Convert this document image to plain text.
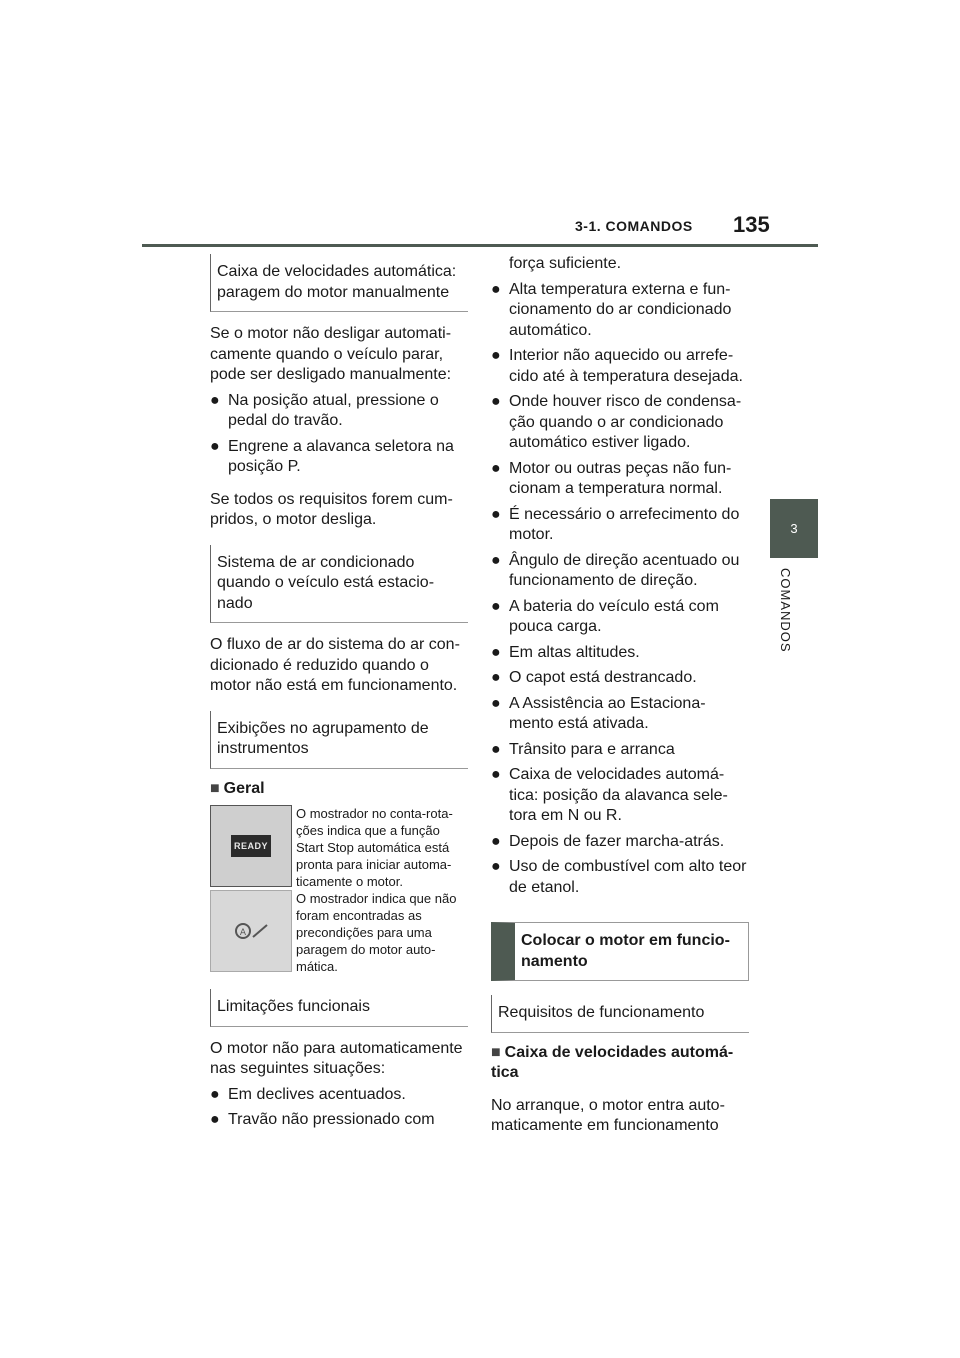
3-1. COMANDOS 135
3
COMANDOS
Caixa de velocidades automática: paragem do motor manualmente

Se o motor não desligar automati-camente quando o veículo parar, pode ser desligado manualmente:

● Na posição atual, pressione o pedal do travão.
● Engrene a alavanca seletora na posição P.

Se todos os requisitos forem cum-pridos, o motor desliga.

Sistema de ar condicionado quando o veículo está estacio-nado

O fluxo de ar do sistema do ar con-dicionado é reduzido quando o motor não está em funcionamento.

Exibições no agrupamento de instrumentos
■ Geral
READY
O mostrador no conta-rota-ções indica que a função Start Stop automática está pronta para iniciar automa-ticamente o motor.
A
O mostrador indica que não foram encontradas as precondições para uma paragem do motor auto-mática.
Limitações funcionais

O motor não para automaticamente nas seguintes situações:

● Em declives acentuados.
● Travão não pressionado com

força suficiente.

● Alta temperatura externa e fun-cionamento do ar condicionado automático.
● Interior não aquecido ou arrefe-cido até à temperatura desejada.
● Onde houver risco de condensa-ção quando o ar condicionado automático estiver ligado.
● Motor ou outras peças não fun-cionam a temperatura normal.
● É necessário o arrefecimento do motor.
● Ângulo de direção acentuado ou funcionamento de direção.
● A bateria do veículo está com pouca carga.
● Em altas altitudes.
● O capot está destrancado.
● A Assistência ao Estaciona-mento está ativada.
● Trânsito para e arranca
● Caixa de velocidades automá-tica: posição da alavanca sele-tora em N ou R.
● Depois de fazer marcha-atrás.
● Uso de combustível com alto teor de etanol.
Colocar o motor em funcio-namento
Requisitos de funcionamento
■ Caixa de velocidades automá-tica

No arranque, o motor entra auto-maticamente em funcionamento
